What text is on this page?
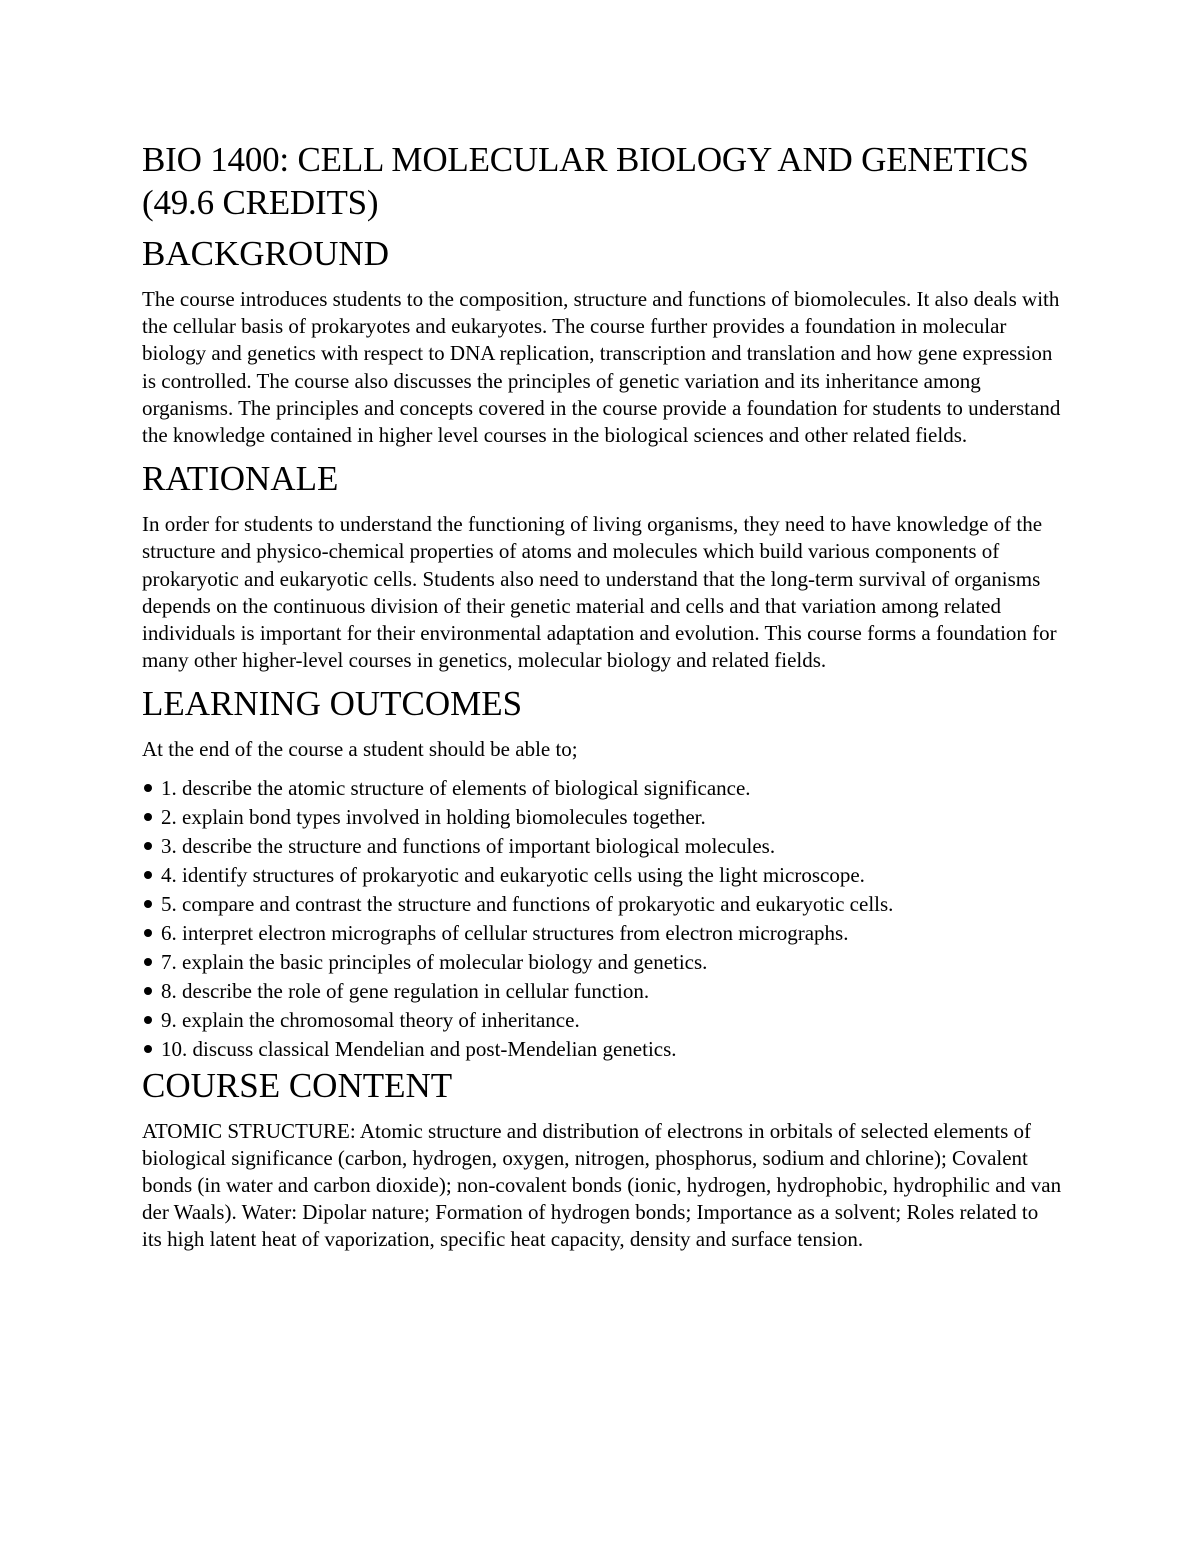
BIO 1400: CELL MOLECULAR BIOLOGY AND GENETICS (49.6 CREDITS)
BACKGROUND

The course introduces students to the composition, structure and functions of biomolecules. It also deals with the cellular basis of prokaryotes and eukaryotes. The course further provides a foundation in molecular biology and genetics with respect to DNA replication, transcription and translation and how gene expression is controlled. The course also discusses the principles of genetic variation and its inheritance among organisms. The principles and concepts covered in the course provide a foundation for students to understand the knowledge contained in higher level courses in the biological sciences and other related fields.

RATIONALE

In order for students to understand the functioning of living organisms, they need to have knowledge of the structure and physico-chemical properties of atoms and molecules which build various components of prokaryotic and eukaryotic cells. Students also need to understand that the long-term survival of organisms depends on the continuous division of their genetic material and cells and that variation among related individuals is important for their environmental adaptation and evolution. This course forms a foundation for many other higher-level courses in genetics, molecular biology and related fields.

LEARNING OUTCOMES

At the end of the course a student should be able to;

1. describe the atomic structure of elements of biological significance.
2. explain bond types involved in holding biomolecules together.
3. describe the structure and functions of important biological molecules.
4. identify structures of prokaryotic and eukaryotic cells using the light microscope.
5. compare and contrast the structure and functions of prokaryotic and eukaryotic cells.
6. interpret electron micrographs of cellular structures from electron micrographs.
7. explain the basic principles of molecular biology and genetics.
8. describe the role of gene regulation in cellular function.
9. explain the chromosomal theory of inheritance.
10. discuss classical Mendelian and post-Mendelian genetics.
COURSE CONTENT

ATOMIC STRUCTURE: Atomic structure and distribution of electrons in orbitals of selected elements of biological significance (carbon, hydrogen, oxygen, nitrogen, phosphorus, sodium and chlorine); Covalent bonds (in water and carbon dioxide); non-covalent bonds (ionic, hydrogen, hydrophobic, hydrophilic and van der Waals). Water: Dipolar nature; Formation of hydrogen bonds; Importance as a solvent; Roles related to its high latent heat of vaporization, specific heat capacity, density and surface tension.
